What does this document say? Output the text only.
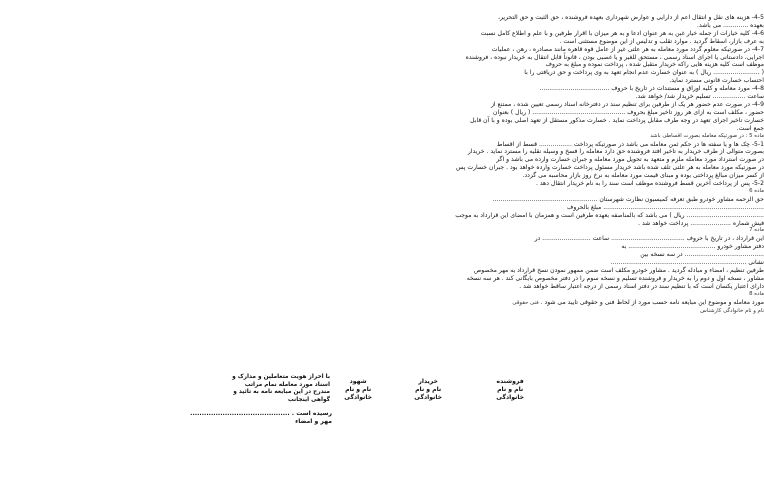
4-5- هزینه های نقل و انتقال اعم از دارایی و عوارض شهرداری بعهده فروشنده ، حق الثبت و حق التحریر،
بعهده ............. می باشد.
4-6- کلیه خیارات از جمله خیار غبن به هر عنوان ادعا و به هر میزان با اقرار طرفین و با علم و اطلاع کامل نسبت
به عرف بازار، اسقاط گردید . موارد تقلب و تدلیس از این موضوع مستثنی است .
4-7- در صورتیکه معلوم گردد مورد معامله به هر علتی غیر از عامل قوه قاهره مانند مصادره ، رهن ، عملیات
اجرایی، دادستانی یا اجرای اسناد رسمی ، مستحق للغیر و یا غصبی بودن ، قانوناً قابل انتقال به خریدار نبوده ، فروشنده
موظف است کلیه هزینه هایی راکه خریدار متقبل شده ، پرداخت نموده و مبلغ به حروف
( ........................ ریال ) به عنوان خسارت عدم انجام تعهد به وی پرداخت و حق دریافتی را با
احتساب خسارت قانونی مسترد نماید.
4-8- مورد معامله و کلیه اوراق و مستندات در تاریخ با حروف ....................................
ساعت ................. تسلیم خریدار شد/ خواهد شد.
4-9- در صورت عدم حضور هر یک از طرفین برای تنظیم سند در دفترخانه اسناد رسمی تعیین شده ، ممتنع از
حضور ، مکلف است به ازای هر روز تاخیر مبلغ بحروف ................................................ ( ریال ) بعنوان
خسارت تاخیر اجرای تعهد در وجه طرف مقابل پرداخت نماید . خسارت مذکور مستقل از تعهد اصلی بوده و با آن قابل
جمع است.
ماده 5 : در صورتیکه معامله بصورت اقساطی باشد
5-1- چک ها و یا سفته ها در حکم ثمن معامله می باشد در صورتیکه پرداخت ................. قسط از اقساط
بصورت متوالی از طرف خریدار به تاخیر افتد فروشنده حق دارد معامله را فسخ و وسیله نقلیه را مسترد نماید . خریدار
در صورت استرداد مورد معامله ملزم و متعهد به تحویل مورد معامله و جبران خسارت وارده می باشد و اگر
در صورتیکه مورد معامله به هر علتی تلف شده باشد خریدار مسئول پرداخت خسارت وارده خواهد بود . جبران خسارت پس
از کسر میزان مبالغ پرداختی بوده و مبنای قیمت مورد معامله به نرخ روز بازار محاسبه می گردد.
5-2- پس از پرداخت آخرین قسط فروشنده موظف است سند را به نام خریدار انتقال دهد .
ماده 6
حق الزحمه مشاور خودرو طبق تعرفه کمیسیون نظارت شهرستان ......................................................
................................................................................... مبلغ بالحروف
........................................ ریال ) می باشد که بالمناصفه بعهده طرفین است و همزمان با امضای این قرارداد به موجب
فیش شماره ..................... پرداخت خواهد شد .
ماده 7
این قرارداد ، در تاریخ با حروف ...................................... ساعت ......................... در
دفتر مشاور خودرو ............................................. به
......................................... در سه نسخه بین
نشانی ......................................................................
طرفین تنظیم ، امضاء و مبادله گردید . مشاور خودرو مکلف است ضمن ممهور نمودن نسخ قرارداد به مهر مخصوص
مشاور ، نسخه اول و دوم را به خریدار و فروشنده تسلیم و نسخه سوم را در دفتر مخصوص بایگانی کند . هر سه نسخه
دارای اعتبار یکسان است که با تنظیم سند در دفتر اسناد رسمی از درجه اعتبار ساقط خواهد شد .
ماده 8
مورد معامله و موضوع این مبایعه نامه حسب مورد از لحاظ فنی و حقوقی تایید می شود . فنی حقوقی
نام و نام خانوادگی کارشناس
فروشنده
نام و نام
خانوادگی
خریدار
نام و نام
خانوادگی
شهود
نام و نام
خانوادگی
با احراز هویت متعاملین و مدارک و
اسناد مورد معامله نمام مراتب
مندرج در این مبایعه نامه به تائید و
گواهی اینجانب
رسیده است . ...........................................
مهر و امضاء
